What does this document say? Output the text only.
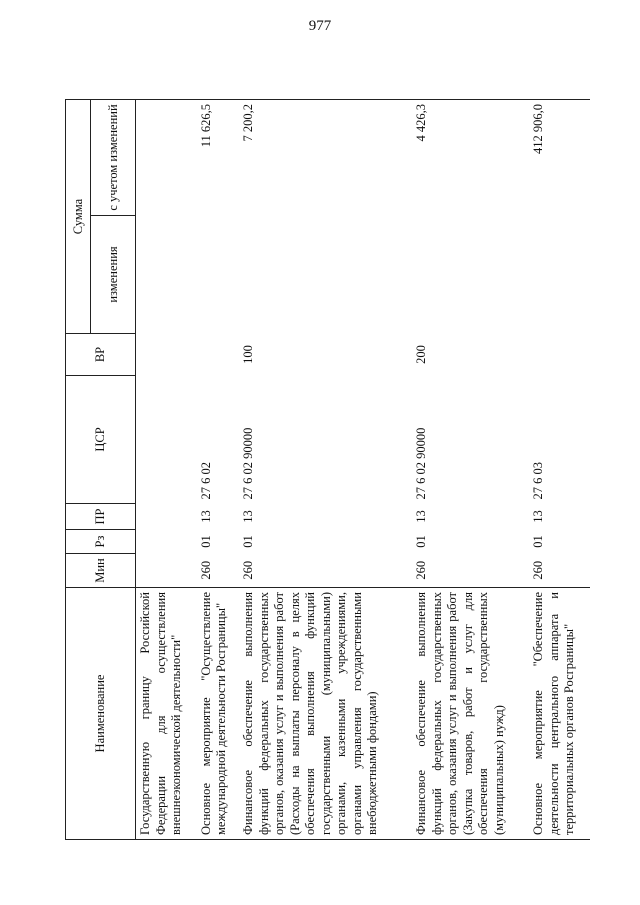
977
Наименование	Мин	Рз	ПР	ЦСР	ВР	Сумма	
						изменения	с учетом изменений
Государственную границу Российской Федерации для осуществления внешнеэкономической деятельности"							
Основное мероприятие "Осуществление международной деятельности Росграницы"	260	01	13	27 6 02			11 626,5
Финансовое обеспечение выполнения функций федеральных государственных органов, оказания услуг и выполнения работ (Расходы на выплаты персоналу в целях обеспечения выполнения функций государственными (муниципальными) органами, казенными учреждениями, органами управления государственными внебюджетными фондами)	260	01	13	27 6 02 90000	100		7 200,2
Финансовое обеспечение выполнения функций федеральных государственных органов, оказания услуг и выполнения работ (Закупка товаров, работ и услуг для обеспечения государственных (муниципальных) нужд)	260	01	13	27 6 02 90000	200		4 426,3
Основное мероприятие "Обеспечение деятельности центрального аппарата и территориальных органов Росграницы"	260	01	13	27 6 03			412 906,0
